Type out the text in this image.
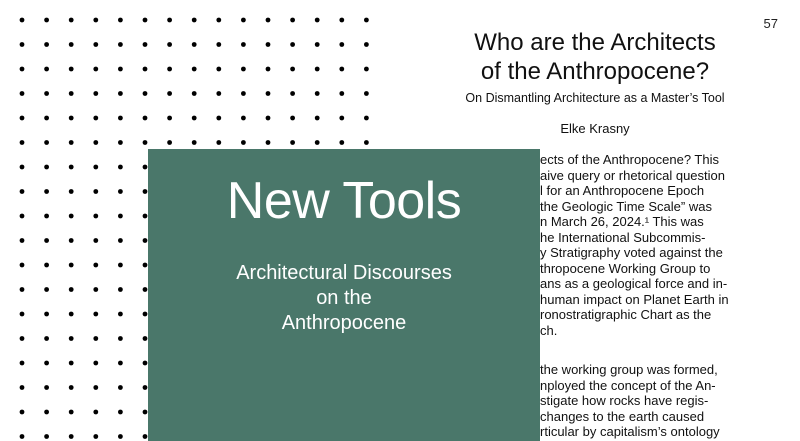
57
Who are the Architects
of the Anthropocene?
On Dismantling Architecture as a Master’s Tool
Elke Krasny
ects of the Anthropocene? This
aive query or rhetorical question
l for an Anthropocene Epoch
the Geologic Time Scale” was
n March 26, 2024.¹ This was
he International Subcommis-
y Stratigraphy voted against the
thropocene Working Group to
ans as a geological force and in-
human impact on Planet Earth in
ronostratigraphic Chart as the
ch.
the working group was formed,
nployed the concept of the An-
stigate how rocks have regis-
changes to the earth caused
rticular by capitalism’s ontology
New Tools
Architectural Discourses
on the
Anthropocene
